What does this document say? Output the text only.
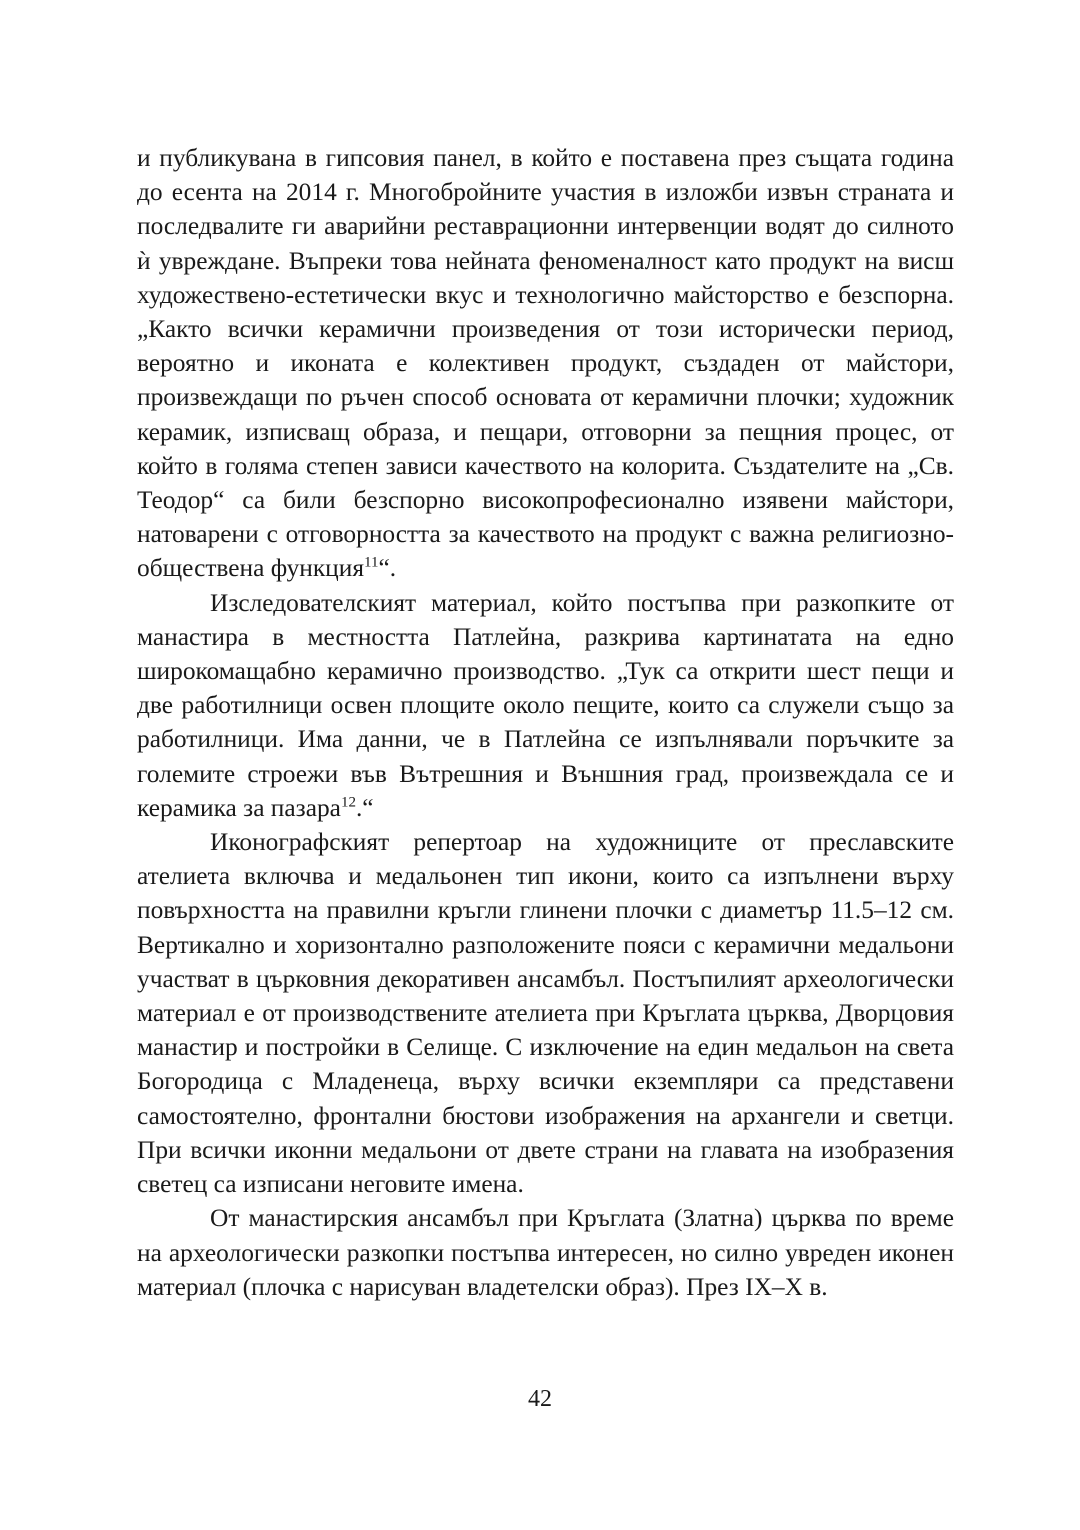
и публикувана в гипсовия панел, в който е поставена през същата година до есента на 2014 г. Многобройните участия в изложби извън страната и последвалите ги аварийни реставрационни интервенции водят до силното ѝ увреждане. Въпреки това нейната феноменалност като продукт на висш художествено-естетически вкус и технологично майсторство е безспорна. „Както всички керамични произведения от този исторически период, вероятно и иконата е колективен продукт, създаден от майстори, произвеждащи по ръчен способ основата от керамични плочки; художник керамик, изписващ образа, и пещари, отговорни за пещния процес, от който в голяма степен зависи качеството на колорита. Създателите на „Св. Теодор“ са били безспорно високопрофесионално изявени майстори, натоварени с отговорността за качеството на продукт с важна религиозно-обществена функция$^{11}$“.

Изследователският материал, който постъпва при разкопките от манастира в местността Патлейна, разкрива картинатата на едно широкомащабно керамично производство. „Тук са открити шест пещи и две работилници освен площите около пещите, които са служели също за работилници. Има данни, че в Патлейна се изпълнявали поръчките за големите строежи във Вътрешния и Външния град, произвеждала се и керамика за пазара$^{12}$.“

Иконографският репертоар на художниците от преславските ателиета включва и медальонен тип икони, които са изпълнени върху повърхността на правилни кръгли глинени плочки с диаметър 11.5–12 см. Вертикално и хоризонтално разположените пояси с керамични медальони участват в църковния декоративен ансамбъл. Постъпилият археологически материал е от производствените ателиета при Кръглата църква, Дворцовия манастир и постройки в Селище. С изключение на един медальон на света Богородица с Младенеца, върху всички екземпляри са представени самостоятелно, фронтални бюстови изображения на архангели и светци. При всички иконни медальони от двете страни на главата на изобразения светец са изписани неговите имена.

От манастирския ансамбъл при Кръглата (Златна) църква по време на археологически разкопки постъпва интересен, но силно увреден иконен материал (плочка с нарисуван владетелски образ). През IX–X в.

42
